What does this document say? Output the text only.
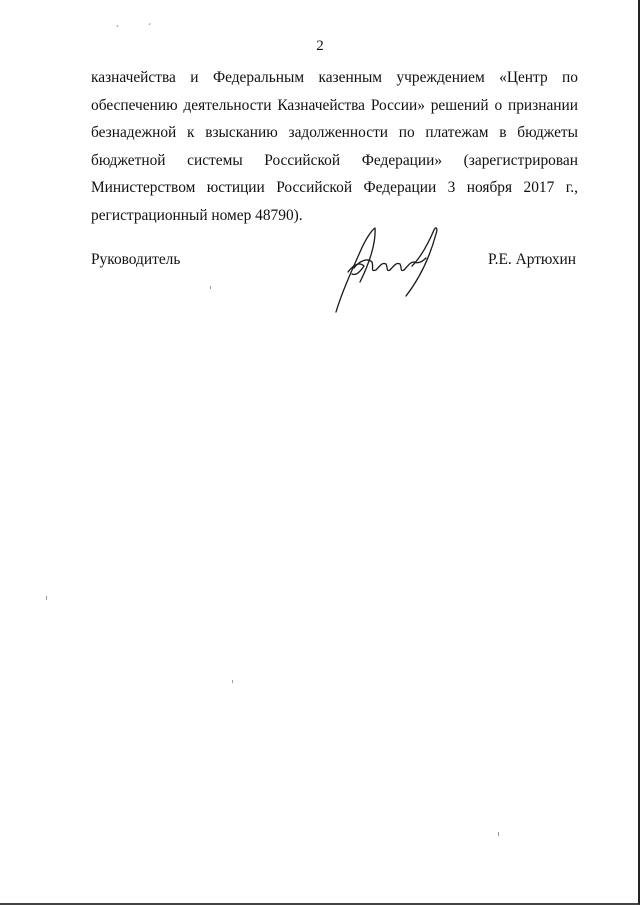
ˋ	ˊ
2
казначейства и Федеральным казенным учреждением «Центр по
обеспечению деятельности Казначейства России» решений о признании
безнадежной к взысканию задолженности по платежам в бюджеты
бюджетной системы Российской Федерации» (зарегистрирован
Министерством юстиции Российской Федерации 3 ноября 2017 г.,
регистрационный номер 48790).
Руководитель	Р.Е. Артюхин
